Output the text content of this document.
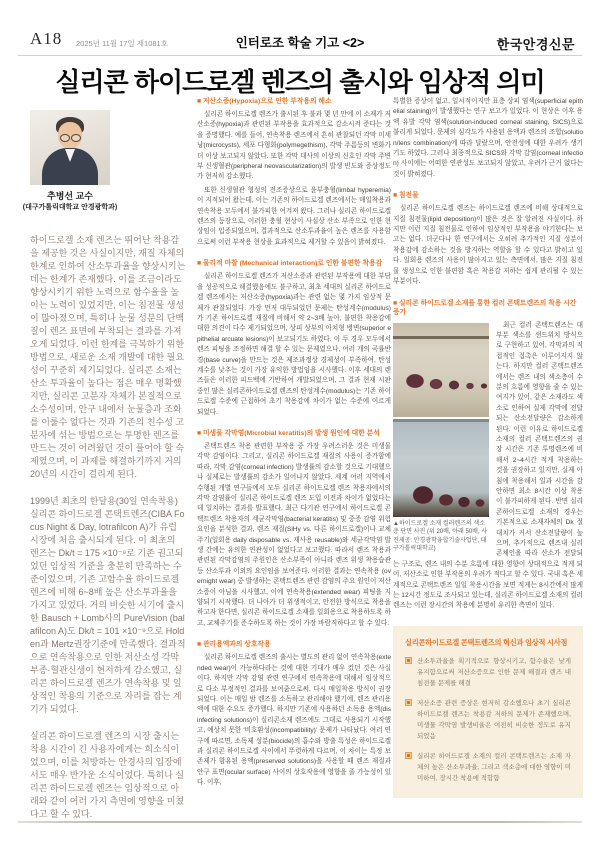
A18 2025년 11월 17일 제1081호	인터로조 학술 기고 <2>	한국안경신문
실리콘 하이드로겔 렌즈의 출시와 임상적 의미
추병선 교수
(대구가톨릭대학교 안경광학과)

하이드로겔 소재 렌즈는 뛰어난 착용감을 제공한 것은 사실이지만, 재질 자체의 한계로 인하여 산소투과율을 향상시키는데는 한계가 존재했다. 이를 조금이라도 향상시키기 위한 노력으로 함수율을 높이는 노력이 있었지만, 이는 침전물 생성이 많아졌으며, 특히나 눈물 성분의 단백질이 렌즈 표면에 부착되는 결과를 가져오게 되었다. 이런 한계를 극복하기 위한 방법으로, 새로운 소재 개발에 대한 필요성이 꾸준히 제기되었다. 실리콘 소재는 산소 투과율이 높다는 점은 매우 명확했지만, 실리콘 고분자 자체가 본질적으로 소수성이며, 안구 내에서 눈물층과 조화를 이룰수 없다는 것과 기존의 친수성 고분자에 섞는 방법으로는 투명한 렌즈를 만드는 것이 어려웠던 것이 풀어야 할 숙제였으며, 이 과제를 해결하기까지 거의 20년의 시간이 걸리게 된다.

1999년 최초의 한달용(30일 연속착용) 실리콘 하이드로겔 콘택트렌즈(CIBA Focus Night & Day, lotrafilcon A)가 유럽 시장에 처음 출시되게 된다. 이 최초의 렌즈는 Dk/t = 175 ×10⁻⁹로 기존 권고되었던 임상적 기준을 충분히 만족하는 수준이었으며, 기존 고함수율 하이드로겔 렌즈에 비해 6~8배 높은 산소투과율을 가지고 있었다. 거의 비슷한 시기에 출시한 Bausch + Lomb사의 PureVision (balafilcon A)도 Dk/t = 101 ×10⁻⁹으로 Holden과 Mertz권장기준에 만족했다. 결과적으로 연속착용으로 인한 저산소성 각막부종·혈관신생이 현저하게 감소했고, 실리콘 하이드로겔 렌즈가 연속착용 및 일상적인 착용의 기준으로 자리를 잡는 계기가 되었다.

실리콘 하이드로겔 렌즈의 시장 출시는 착용 시간이 긴 사용자에게는 희소식이었으며, 이를 처방하는 안경사의 입장에서도 매우 반가운 소식이었다. 특히나 실리콘 하이드로겔 렌즈는 임상적으로 아래와 같이 여러 가지 측면에 영향을 미쳤다고 할 수 있다.

■ 저산소증(Hypoxia)으로 인한 부작용의 해소

실리콘 하이드로겔 렌즈가 출시된 후 불과 몇 년 만에 이 소재가 저산소증(hypoxia)과 관련된 부작용을 효과적으로 감소시켜 준다는 것을 증명했다. 예를 들어, 연속착용 렌즈에서 흔히 관찰되던 각막 미세낭(microcysts), 세포 다형화(polymegethism), 각막 주름등의 변화가 더 이상 보고되지 않았다. 또한 각막 대사의 이상의 신호인 각막 주변부 신생혈관(peripheral neovascularization)의 발생 빈도와 증상정도가 현저히 감소했다.

또한 신생혈관 형성의 전조증상으로 윤부충혈(limbal hyperemia)이 지적되어 왔는데, 이는 기존의 하이드로겔 렌즈에서는 매일착용과 연속착용 모두에서 불가피한 여겨져 왔다. 그러나 실리콘 하이드로겔 렌즈의 등장으로, 이러한 충혈 현상이 사실상 산소 부족으로 인한 현상임이 입증되었으며, 결과적으로 산소투과율이 높은 렌즈를 사용함으로써 이런 부작용 현상을 효과적으로 제거할 수 있음이 밝혀졌다.

■ 물리적 마찰 (Mechanical interaction)로 인한 불편한 착용감

실리콘 하이드로겔 렌즈가 저산소증과 관련된 부작용에 대한 부담을 성공적으로 해결했음에도 불구하고, 최초 세대의 실리콘 하이드로겔 렌즈에서는 저산소증(hypoxia)과는 관련 없는 몇 가지 임상적 문제가 관찰되었다. 가장 먼저 대두되었던 문제는 탄성계수(modulus)가 기존 하이드로겔 재질에 비해서 약 2~3배 높아, 불편한 착용감에 대한 의견이 다수 제기되었으며, 상피 상부의 아치형 병변(superior epithelial arcuate lesions)이 보고되기도 하였다. 이 두 경우 모두에서 렌즈 피팅을 조정하면 해결 할 수 있는 문제였으나, 여러 개의 곡률반경(base curve)을 만드는 것은 제조과정상 경제성이 부족하여, 탄성계수를 낮추는 것이 가장 유익한 방법임을 시사했다. 이후 세대의 렌즈들은 이러한 피드백에 기반하여 개발되었으며, 그 결과 현재 시판 중인 많은 실리콘하이드로겔 렌즈의 탄성계수(modulus)는 기존 하이드로겔 수준에 근접하여 초기 착용감에 차이가 없는 수준에 이르게 되었다.

■ 미생물 각막염(Microbial keratitis)의 발생 원인에 대한 분석

콘택트렌즈 착용 관련한 부작용 중 가장 우려스러운 것은 미생물 각막 감염이다. 그리고, 실리콘 하이드로겔 재질의 사용이 증가함에 따라, 각막 감염(corneal infection) 발생률의 감소할 것으로 기대했으나 실제로는 발생률의 감소가 일어나지 않았다. 세계 여러 지역에서 수행된 개별 연구들에서 모두 실리콘 하이드로겔 렌즈 착용자에서의 각막 감염률이 실리콘 하이드로겔 렌즈 도입 이전과 차이가 없었다는 데 일치하는 결과를 발표했다. 최근 다기관 연구에서 하이드로겔 콘택트렌즈 착용자의 세균각막염(bacterial keratitis) 및 중증 감염 위험 요인을 분석한 결과, 렌즈 재질(SiHy vs. 다른 하이드로겔)이나 교체 주기(일회용 daily disposable vs. 재사용 reusable)와 세균각막염 발생 간에는 유의한 연관성이 없었다고 보고했다. 따라서 렌즈 착용과 관련된 각막감염의 주원인은 산소부족이 아니라 렌즈 위생 착용습관 등 산소투과 이외의 요인임을 보여준다. 이러한 결과는 연속착용 (overnight wear) 중 발생하는 콘택트렌즈 관련 감염의 주요 원인이 저산소증이 아님을 시사했고, 이에 연속착용(extended wear) 피팅을 지양되기 시작했다. 더 나아가 더 위생적이고, 안전한 방식으로 착용을 하고자 한다면, 실리콘 하이드로겔 소재를 일회용으로 착용하도록 하고, 교체주기를 준수하도록 하는 것이 가장 바람직하다고 할 수 있다.

■ 관리용액과의 상호작용

실리콘 하이드로겔 렌즈의 출시는 별도의 관리 없이 연속착용(extended wear)이 가능하다라는 것에 대한 기대가 매우 컸던 것은 사실이다. 하지만 각막 감염 관련 연구에서 연속착용에 대해서 임상적으로 다소 부정적인 결과를 보여줌으로써, 다시 매일착용 방식이 권장되었다. 이는 매일 밤 렌즈를 소독하고 관리해야 했기에, 렌즈 관리용액에 대한 수요도 증가했다. 하지만 기존에 사용하던 소독용 용액(disinfecting solutions)이 실리콘소재 렌즈에도 그대로 사용되기 시작했고, 예상치 못한 '비호환성(incompatibility)' 문제가 나타났다. 여러 연구에 따르면, 소독제 성분(biocide)의 흡수와 방출 특성은 하이드로겔과 실리콘 하이드로겔 사이에서 뚜렷하게 다르며, 이 차이는 특정 보존제가 함유된 용액(preserved solutions)을 사용할 때 렌즈 재질과 안구 표면(ocular surface) 사이의 상호작용에 영향을 줄 가능성이 있다. 이후,

특별한 증상이 없고, 일시적이지만 표층 상피 염색(superficial epithelial staining)이 발생했다는 연구 보고가 있었다. 이 현상은 이후 용액 유발 각막 염색(solution-induced corneal staining, SICS)으로 불리게 되었다. 문제의 심각도가 사용된 용액과 렌즈의 조합(solution/lens combination)에 따라 달랐으며, 안전성에 대한 우려가 생기기도 하였다. 그러나 최종적으로 SICS와 각막 감염(corneal infection) 사이에는 어떠한 연관성도 보고되지 않았고, 우려가 근거 없다는 것이 밝혀졌다.

■ 침전물

실리콘 하이드로겔 렌즈는 하이드로겔 렌즈에 비해 상대적으로 지질 침전물(lipid deposition)이 많은 것은 잘 알려진 사실이다. 하지만 이런 지질 침전물로 인하여 임상적인 부작용을 야기한다는 보고는 없다. 더군다나 한 연구에서는 오히려 추가적인 지질 성분이 착용감에 감소하는 것을 방지하는 역할을 할 수 있다고 밝히고 있다. 일회용 렌즈의 사용이 많아지고 있는 측면에서, 많은 지질 침전물 생성으로 인한 불편함 혹은 착용감 저하는 쉽게 관리될 수 있는 부분이다.

■ 실리콘 하이드로겔 소재를 통한 컬러 콘택트렌즈의 착용 시간 증가
▲하이드로겔 소재 컬러렌즈의 색소층 단면 사진 (위 20배, 아래 50배, 사진제공: 안경광학융합기술사업단, 대구가톨릭대학교)

최근 컬러 콘택트렌즈는 대부분 색소를 샌드위치 방식으로 구현하고 있어, 각막과의 직접적인 접촉은 이루어지지 않는다. 하지만 컬러 콘택트렌즈에서는 렌즈 내의 색소층이 수분의 흐름에 영향을 줄 수 있는 여지가 있어, 같은 소재라도 색소로 인하여 실제 각막에 전달되는 산소전달량은 감소하게 된다. 이런 이유로 하이드로겔 소재의 컬러 콘택트렌즈의 권장 시간은 기존 투명렌즈에 비해서 2~4시간 적게 착용하는 것을 권장하고 있지만, 실제 아침에 착용해서 일과 시간을 감안하면 최소 8시간 이상 착용이 불가피하게 된다. 반면 실리콘하이드로겔 소재의 경우는 기본적으로 소재자체의 Dk 절대치가 커서 산소전달량이 높으며, 추가적으로 렌즈내 실리콘체인을 따라 산소가 전달되는 구조로, 렌즈 내의 수분 흐름에 대한 영향이 상대적으로 적게 되어, 저산소로 인한 부작용의 우려가 적다고 할 수 있다. 국내 혹은 세계적으로 콘택트렌즈 일일 착용시간을 보면 적게는 8시간에서 많게는 12시간 정도로 조사되고 있는데, 실리콘 하이드로겔 소재의 컬러렌즈는 이런 장시간의 착용에 분명히 유리한 측면이 있다.

실리콘하이드로겔 콘택트렌즈의 혁신과 임상적 시사점

산소투과율을 획기적으로 향상시키고, 함수율은 낮게 유지함으로써 저산소증으로 인한 문제 해결과 렌즈 내 침전물 문제를 해결

저산소증 관련 증상은 현저히 감소했으나 초기 실리콘 하이드로겔 렌즈는 착용감 저하의 문제가 존재했으며, 미생물 각막염 발생비율은 여전히 비슷한 정도로 유지되었음

실리콘 하이드로겔 소재의 컬러 콘택트렌즈는 소재 자체의 높은 산소투과율, 그리고 색소층에 대한 영향이 미미하여, 장시간 착용에 적합함
